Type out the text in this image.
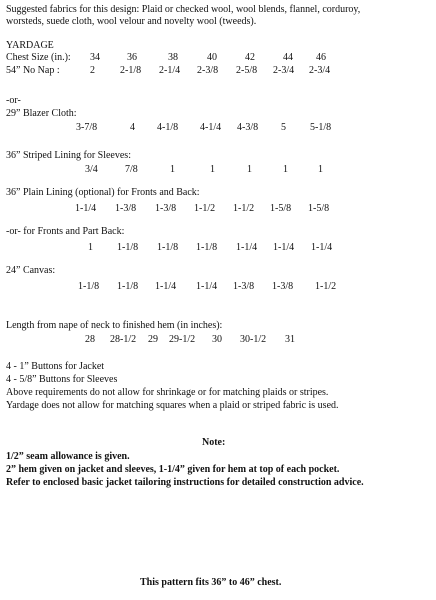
Suggested fabrics for this design: Plaid or checked wool, wool blends, flannel, corduroy,
worsteds, suede cloth, wool velour and novelty wool (tweeds).
YARDAGE
Chest Size (in.): 34	36	38	40	42	44 46
54” No Nap :	2	2-1/8 2-1/4 2-3/8 2-5/8 2-3/4 2-3/4
-or-
29” Blazer Cloth:
3-7/8	4 4-1/8 4-1/4 4-3/8 5 5-1/8
36” Striped Lining for Sleeves:
3/4	7/8	1	1	1	1	1
36” Plain Lining (optional) for Fronts and Back:
1-1/4 1-3/8 1-3/8 1-1/2 1-1/2 1-5/8 1-5/8
-or- for Fronts and Part Back:
1 1-1/8 1-1/8 1-1/8 1-1/4 1-1/4 1-1/4
24” Canvas:
1-1/8 1-1/8 1-1/4 1-1/4 1-3/8 1-3/8 1-1/2
Length from nape of neck to finished hem (in inches):
28 28-1/2 29 29-1/2 30 30-1/2 31
4 - 1” Buttons for Jacket
4 - 5/8” Buttons for Sleeves
Above requirements do not allow for shrinkage or for matching plaids or stripes.
Yardage does not allow for matching squares when a plaid or striped fabric is used.
Note:
1/2” seam allowance is given.
2” hem given on jacket and sleeves, 1-1/4” given for hem at top of each pocket.
Refer to enclosed basic jacket tailoring instructions for detailed construction advice.
This pattern fits 36” to 46” chest.
